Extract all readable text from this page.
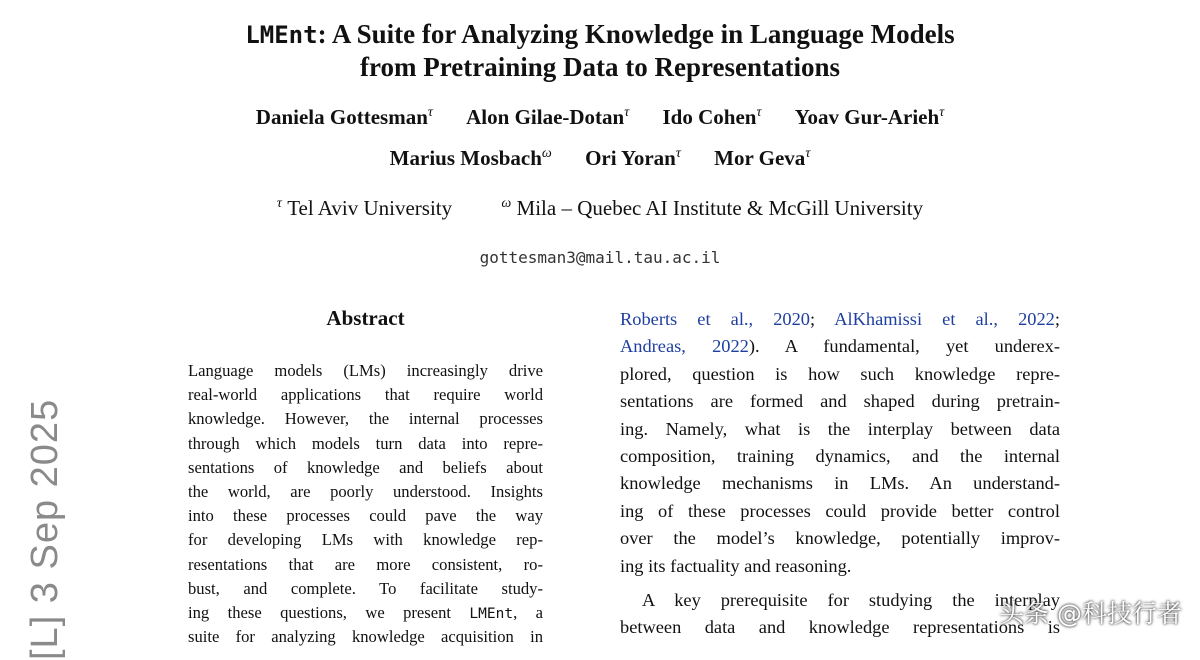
LMEnt: A Suite for Analyzing Knowledge in Language Models
from Pretraining Data to Representations
Daniela Gottesman$^\tau$ Alon Gilae-Dotan$^\tau$ Ido Cohen$^\tau$ Yoav Gur-Arieh$^\tau$
Marius Mosbach$^\omega$ Ori Yoran$^\tau$ Mor Geva$^\tau$
$^\tau$ Tel Aviv University	$^\omega$ Mila – Quebec AI Institute & McGill University
gottesman3@mail.tau.ac.il
Abstract
Language models (LMs) increasingly drive
real-world applications that require world
knowledge. However, the internal processes
through which models turn data into repre-
sentations of knowledge and beliefs about
the world, are poorly understood. Insights
into these processes could pave the way
for developing LMs with knowledge rep-
resentations that are more consistent, ro-
bust, and complete. To facilitate study-
ing these questions, we present LMEnt, a
suite for analyzing knowledge acquisition in
Roberts et al., 2020; AlKhamissi et al., 2022;
Andreas, 2022). A fundamental, yet underex-
plored, question is how such knowledge repre-
sentations are formed and shaped during pretrain-
ing. Namely, what is the interplay between data
composition, training dynamics, and the internal
knowledge mechanisms in LMs. An understand-
ing of these processes could provide better control
over the model’s knowledge, potentially improv-
ing its factuality and reasoning.
A key prerequisite for studying the interplay
between data and knowledge representations is
[L] 3 Sep 2025	头条 @科技行者
